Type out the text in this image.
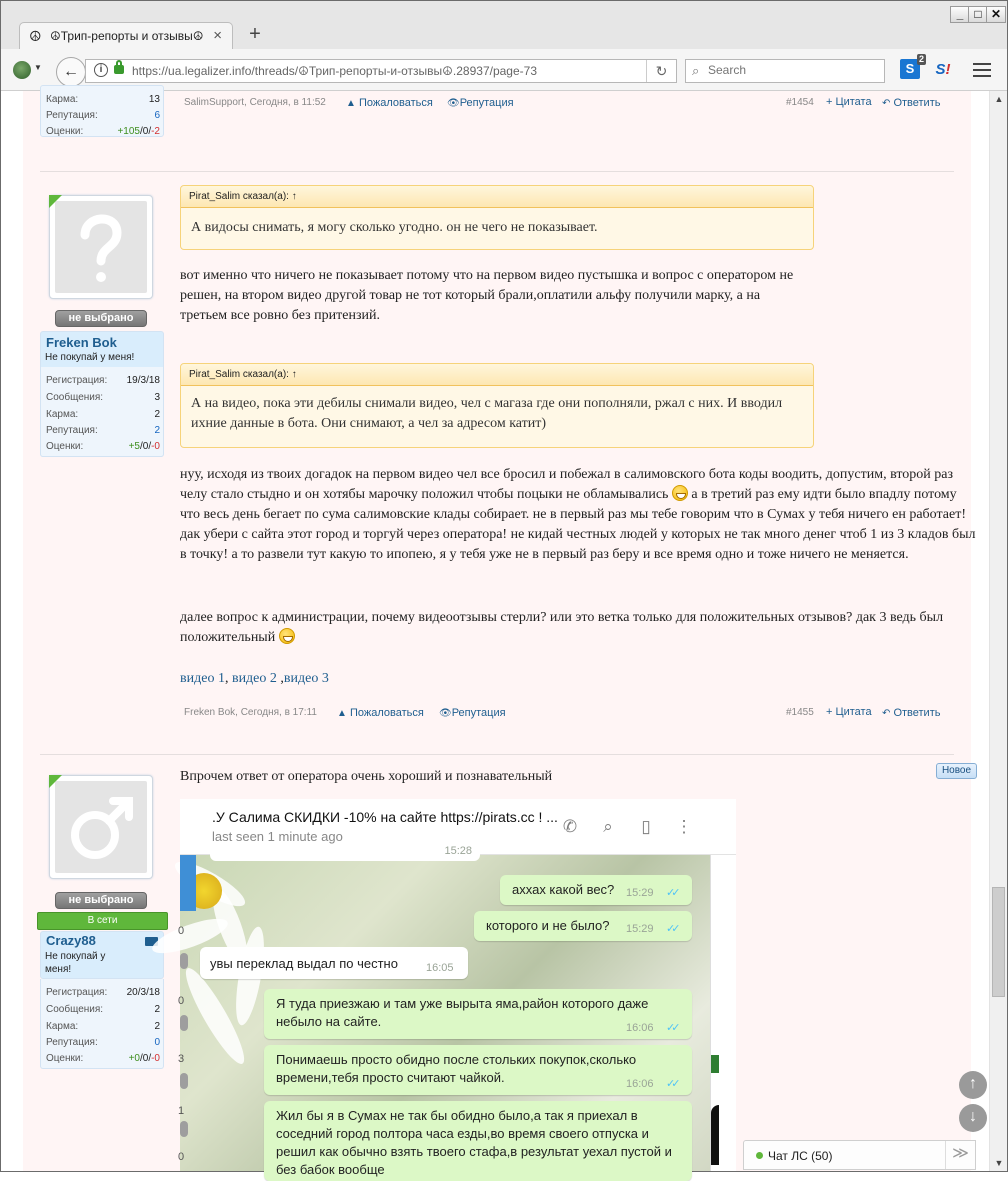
_ □ ✕
☮ ☮Трип-репорты и отзывы☮ × +
▼	←	i	https://ua.legalizer.info/threads/☮Трип-репорты-и-отзывы☮.28937/page-73	↻	⌕
Search	S
2
S!
Карма:	13
Репутация:	6
Оценки:	+105/0/-2
SalimSupport, Сегодня, в 11:52 ▲ Пожаловаться 👁Репутация	#1454 + Цитата ↶ Ответить
не выбрано
Freken Bok
Не покупай у меня!
Регистрация: 19/3/18
Сообщения:	3
Карма:	2
Репутация:	2
Оценки:	+5/0/-0
Pirat_Salim сказал(а): ↑
А видосы снимать, я могу сколько угодно. он не чего не показывает.
вот именно что ничего не показывает потому что на первом видео пустышка и вопрос с оператором не решен, на втором видео другой товар не тот который брали,оплатили альфу получили марку, а на третьем все ровно без притензий.
Pirat_Salim сказал(а): ↑
А на видео, пока эти дебилы снимали видео, чел с магаза где они пополняли, ржал с них. И вводил ихние данные в бота. Они снимают, а чел за адресом катит)
нуу, исходя из твоих догадок на первом видео чел все бросил и побежал в салимовского бота коды воодить, допустим, второй раз челу стало стыдно и он хотябы марочку положил чтобы поцыки не обламывались  а в третий раз ему идти было впадлу потому что весь день бегает по сума салимовские клады собирает. не в первый раз мы тебе говорим что в Сумах у тебя ничего ен работает! дак убери с сайта этот город и торгуй через оператора! не кидай честных людей у которых не так много денег чтоб 1 из 3 кладов был в точку! а то развели тут какую то ипопею, я у тебя уже не в первый раз беру и все время одно и тоже ничего не меняется.
далее вопрос к администрации, почему видеоотзывы стерли? или это ветка только для положительных отзывов? дак 3 ведь был положительный
видео 1, видео 2 ,видео 3
Freken Bok, Сегодня, в 17:11 ▲ Пожаловаться 👁Репутация	#1455 + Цитата ↶ Ответить
не выбрано
В сети
Crazy88
Не покупай у меня!
Регистрация: 20/3/18
Сообщения:	2
Карма:	2
Репутация:	0
Оценки:	+0/0/-0
Новое
Впрочем ответ от оператора очень хороший и познавательный
.У Салима СКИДКИ -10% на сайте https://pirats.cc ! ...
last seen 1 minute ago
✆	⌕	▯	⋮
15:28
аххах какой вес? 15:29 ✓✓
которого и не было? 15:29 ✓✓
увы переклад выдал по честно	16:05
Я туда приезжаю и там уже вырыта яма,район которого даже небыло на сайте.	16:06 ✓✓
Понимаешь просто обидно после стольких покупок,сколько времени,тебя просто считают чайкой.	16:06 ✓✓
Жил бы я в Сумах не так бы обидно было,а так я приехал в соседний город полтора часа езды,во время своего отпуска и решил как обычно взять твоего стафа,в результат уехал пустой и без бабок вообще
0
0
3
1
0
↑
↓
Чат ЛС (50)	≫
▲
▼
